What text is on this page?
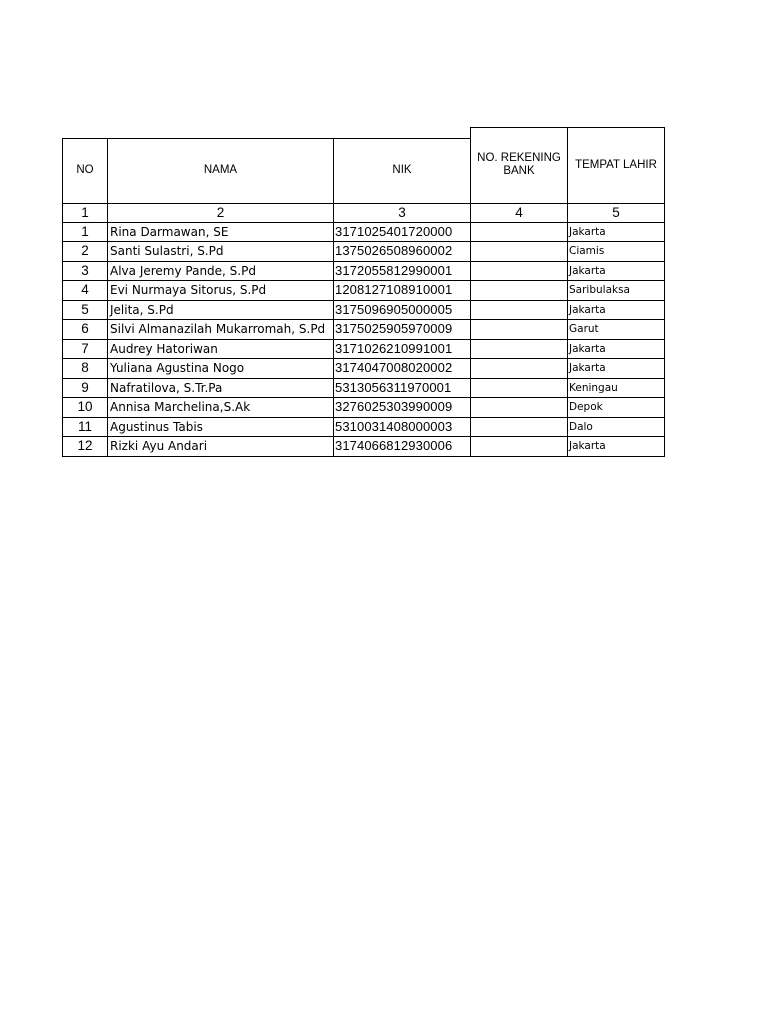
			NO. REKENING BANK	TEMPAT LAHIR
NO	NAMA	NIK		
1	2	3	4	5
1	Rina Darmawan, SE	3171025401720000		Jakarta
2	Santi Sulastri, S.Pd	1375026508960002		Ciamis
3	Alva Jeremy Pande, S.Pd	3172055812990001		Jakarta
4	Evi Nurmaya Sitorus, S.Pd	1208127108910001		Saribulaksa
5	Jelita, S.Pd	3175096905000005		Jakarta
6	Silvi Almanazilah Mukarromah, S.Pd	3175025905970009		Garut
7	Audrey Hatoriwan	3171026210991001		Jakarta
8	Yuliana Agustina Nogo	3174047008020002		Jakarta
9	Nafratilova, S.Tr.Pa	5313056311970001		Keningau
10	Annisa Marchelina,S.Ak	3276025303990009		Depok
11	Agustinus Tabis	5310031408000003		Dalo
12	Rizki Ayu Andari	3174066812930006		Jakarta
